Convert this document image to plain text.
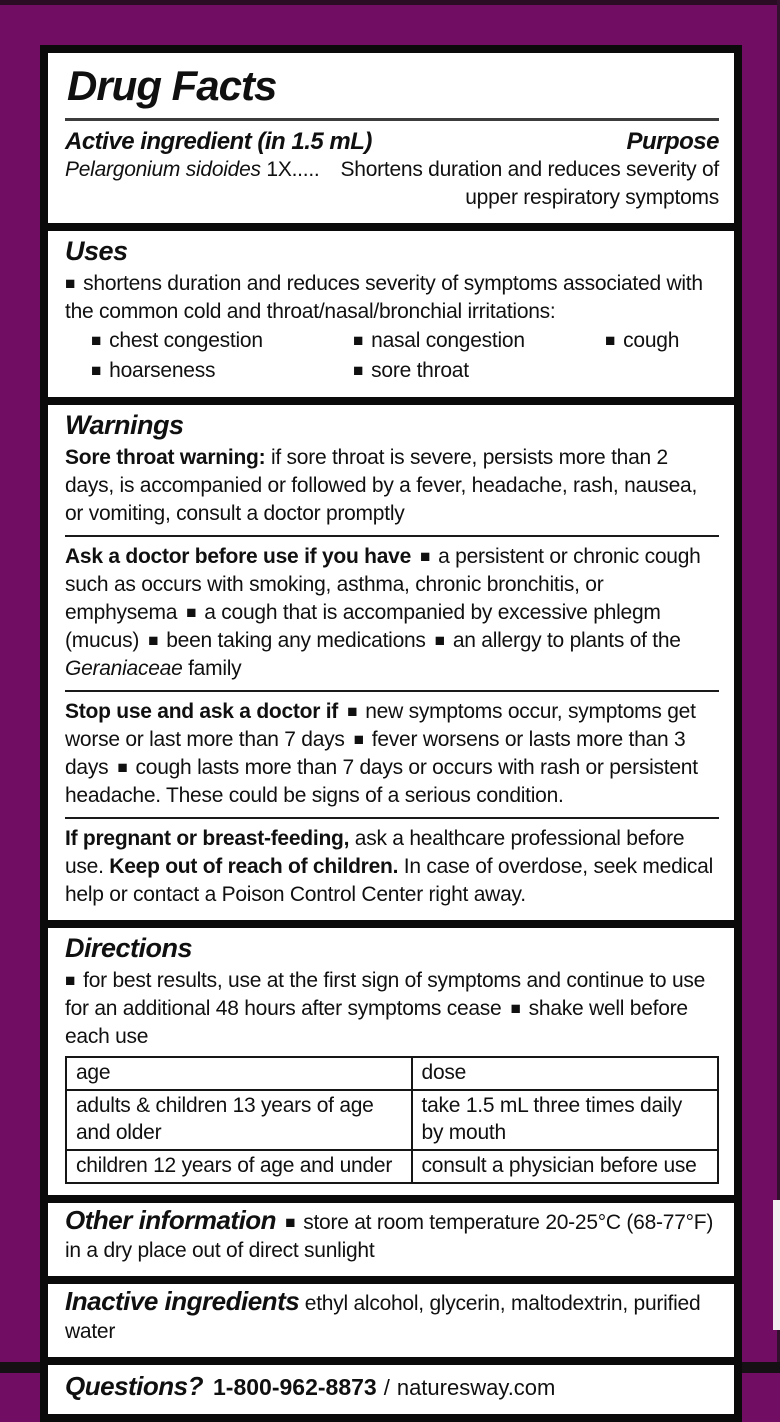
Drug Facts
Active ingredient (in 1.5 mL)	Purpose
Pelargonium sidoides 1X.....	Shortens duration and reduces severity of upper respiratory symptoms
Uses

■ shortens duration and reduces severity of symptoms associated with the common cold and throat/nasal/bronchial irritations:

■ chest congestion ■	nasal congestion ■	cough
■ hoarseness ■	sore throat
Warnings

Sore throat warning: if sore throat is severe, persists more than 2 days, is accompanied or followed by a fever, headache, rash, nausea, or vomiting, consult a doctor promptly

Ask a doctor before use if you have ■ a persistent or chronic cough such as occurs with smoking, asthma, chronic bronchitis, or emphysema ■ a cough that is accompanied by excessive phlegm (mucus) ■ been taking any medications ■ an allergy to plants of the Geraniaceae family

Stop use and ask a doctor if ■ new symptoms occur, symptoms get worse or last more than 7 days ■ fever worsens or lasts more than 3 days ■ cough lasts more than 7 days or occurs with rash or persistent headache. These could be signs of a serious condition.

If pregnant or breast-feeding, ask a healthcare professional before use. Keep out of reach of children. In case of overdose, seek medical help or contact a Poison Control Center right away.

Directions

■ for best results, use at the first sign of symptoms and continue to use for an additional 48 hours after symptoms cease ■ shake well before each use

age	dose
adults & children 13 years of age and older	take 1.5 mL three times daily by mouth
children 12 years of age and under	consult a physician before use

Other information ■ store at room temperature 20-25°C (68-77°F) in a dry place out of direct sunlight

Inactive ingredients ethyl alcohol, glycerin, maltodextrin, purified water

Questions? 1-800-962-8873 / naturesway.com
